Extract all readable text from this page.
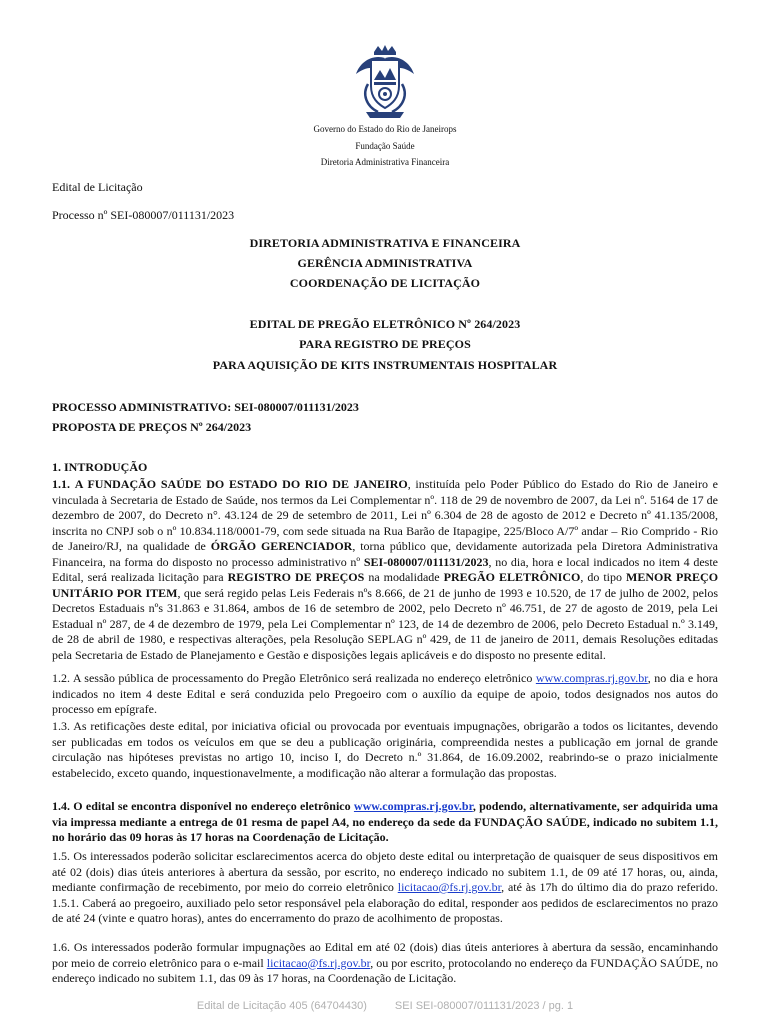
Governo do Estado do Rio de Janeirops
Fundação Saúde
Diretoria Administrativa Financeira
Edital de Licitação
Processo nº SEI-080007/011131/2023
DIRETORIA ADMINISTRATIVA E FINANCEIRA
GERÊNCIA ADMINISTRATIVA
COORDENAÇÃO DE LICITAÇÃO
EDITAL DE PREGÃO ELETRÔNICO Nº 264/2023
PARA REGISTRO DE PREÇOS
PARA AQUISIÇÃO DE KITS INSTRUMENTAIS HOSPITALAR
PROCESSO ADMINISTRATIVO: SEI-080007/011131/2023
PROPOSTA DE PREÇOS Nº 264/2023
1. INTRODUÇÃO

1.1. A FUNDAÇÃO SAÚDE DO ESTADO DO RIO DE JANEIRO, instituída pelo Poder Público do Estado do Rio de Janeiro e vinculada à Secretaria de Estado de Saúde, nos termos da Lei Complementar nº. 118 de 29 de novembro de 2007, da Lei nº. 5164 de 17 de dezembro de 2007, do Decreto n°. 43.124 de 29 de setembro de 2011, Lei nº 6.304 de 28 de agosto de 2012 e Decreto nº 41.135/2008, inscrita no CNPJ sob o nº 10.834.118/0001-79, com sede situada na Rua Barão de Itapagipe, 225/Bloco A/7º andar – Rio Comprido - Rio de Janeiro/RJ, na qualidade de ÓRGÃO GERENCIADOR, torna público que, devidamente autorizada pela Diretora Administrativa Financeira, na forma do disposto no processo administrativo nº SEI-080007/011131/2023, no dia, hora e local indicados no item 4 deste Edital, será realizada licitação para REGISTRO DE PREÇOS na modalidade PREGÃO ELETRÔNICO, do tipo MENOR PREÇO UNITÁRIO POR ITEM, que será regido pelas Leis Federais nºs 8.666, de 21 de junho de 1993 e 10.520, de 17 de julho de 2002, pelos Decretos Estaduais nºs 31.863 e 31.864, ambos de 16 de setembro de 2002, pelo Decreto nº 46.751, de 27 de agosto de 2019, pela Lei Estadual nº 287, de 4 de dezembro de 1979, pela Lei Complementar nº 123, de 14 de dezembro de 2006, pelo Decreto Estadual n.º 3.149, de 28 de abril de 1980, e respectivas alterações, pela Resolução SEPLAG nº 429, de 11 de janeiro de 2011, demais Resoluções editadas pela Secretaria de Estado de Planejamento e Gestão e disposições legais aplicáveis e do disposto no presente edital.

1.2. A sessão pública de processamento do Pregão Eletrônico será realizada no endereço eletrônico www.compras.rj.gov.br, no dia e hora indicados no item 4 deste Edital e será conduzida pelo Pregoeiro com o auxílio da equipe de apoio, todos designados nos autos do processo em epígrafe.

1.3. As retificações deste edital, por iniciativa oficial ou provocada por eventuais impugnações, obrigarão a todos os licitantes, devendo ser publicadas em todos os veículos em que se deu a publicação originária, compreendida nestes a publicação em jornal de grande circulação nas hipóteses previstas no artigo 10, inciso I, do Decreto n.º 31.864, de 16.09.2002, reabrindo-se o prazo inicialmente estabelecido, exceto quando, inquestionavelmente, a modificação não alterar a formulação das propostas.

1.4. O edital se encontra disponível no endereço eletrônico www.compras.rj.gov.br, podendo, alternativamente, ser adquirida uma via impressa mediante a entrega de 01 resma de papel A4, no endereço da sede da FUNDAÇÃO SAÚDE, indicado no subitem 1.1, no horário das 09 horas às 17 horas na Coordenação de Licitação.

1.5. Os interessados poderão solicitar esclarecimentos acerca do objeto deste edital ou interpretação de quaisquer de seus dispositivos em até 02 (dois) dias úteis anteriores à abertura da sessão, por escrito, no endereço indicado no subitem 1.1, de 09 até 17 horas, ou, ainda, mediante confirmação de recebimento, por meio do correio eletrônico licitacao@fs.rj.gov.br, até às 17h do último dia do prazo referido. 1.5.1. Caberá ao pregoeiro, auxiliado pelo setor responsável pela elaboração do edital, responder aos pedidos de esclarecimentos no prazo de até 24 (vinte e quatro horas), antes do encerramento do prazo de acolhimento de propostas.

1.6. Os interessados poderão formular impugnações ao Edital em até 02 (dois) dias úteis anteriores à abertura da sessão, encaminhando por meio de correio eletrônico para o e-mail licitacao@fs.rj.gov.br, ou por escrito, protocolando no endereço da FUNDAÇÃO SAÚDE, no endereço indicado no subitem 1.1, das 09 às 17 horas, na Coordenação de Licitação.

Edital de Licitação 405 (64704430)	SEI SEI-080007/011131/2023 / pg. 1
